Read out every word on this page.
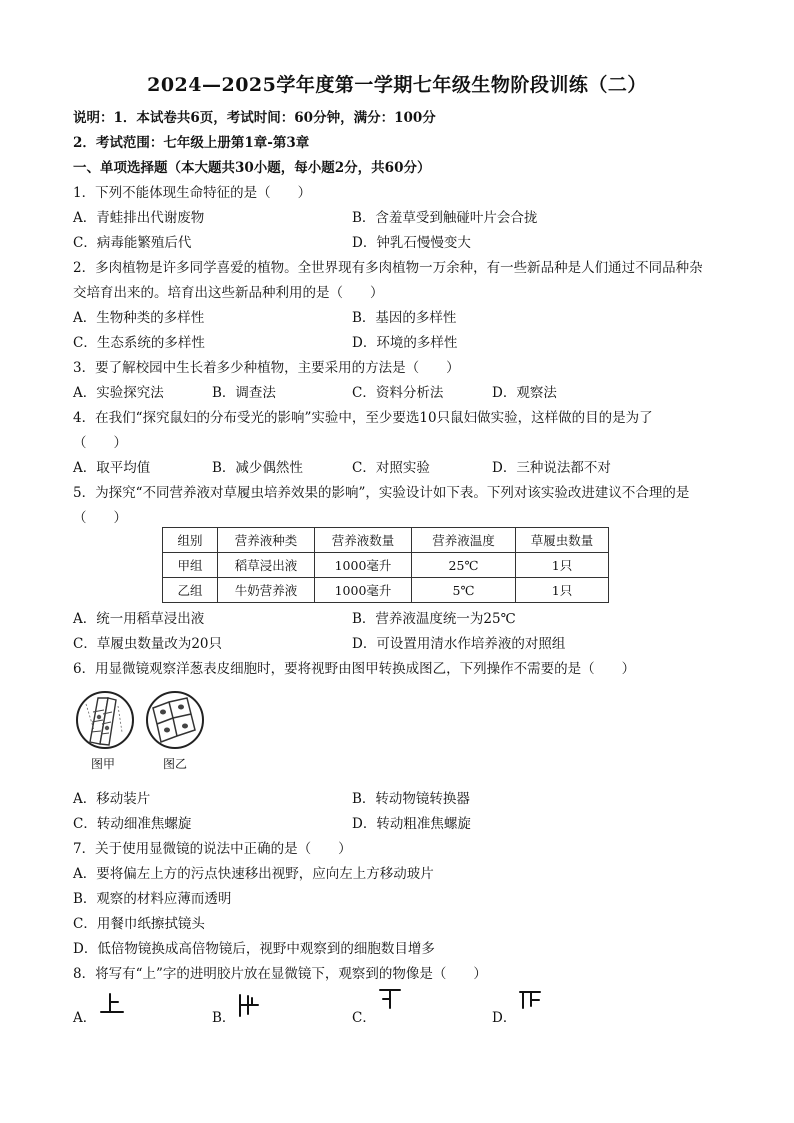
2024—2025学年度第一学期七年级生物阶段训练（二）
说明：1．本试卷共6页，考试时间：60分钟，满分：100分
2．考试范围：七年级上册第1章-第3章
一、单项选择题（本大题共30小题，每小题2分，共60分）
1．下列不能体现生命特征的是（　　）
A．青蛙排出代谢废物	B．含羞草受到触碰叶片会合拢
C．病毒能繁殖后代	D．钟乳石慢慢变大
2．多肉植物是许多同学喜爱的植物。全世界现有多肉植物一万余种，有一些新品种是人们通过不同品种杂
交培育出来的。培育出这些新品种利用的是（　　）
A．生物种类的多样性	B．基因的多样性
C．生态系统的多样性	D．环境的多样性
3．要了解校园中生长着多少种植物，主要采用的方法是（　　）
A．实验探究法	B．调查法	C．资料分析法	D．观察法
4．在我们“探究鼠妇的分布受光的影响”实验中，至少要选10只鼠妇做实验，这样做的目的是为了
（　　）
A．取平均值	B．减少偶然性	C．对照实验	D．三种说法都不对
5．为探究“不同营养液对草履虫培养效果的影响”，实验设计如下表。下列对该实验改进建议不合理的是
（　　）
组别	营养液种类	营养液数量	营养液温度	草履虫数量
甲组	稻草浸出液	1000毫升	25℃	1只
乙组	牛奶营养液	1000毫升	5℃	1只
A．统一用稻草浸出液	B．营养液温度统一为25℃
C．草履虫数量改为20只	D．可设置用清水作培养液的对照组
6．用显微镜观察洋葱表皮细胞时，要将视野由图甲转换成图乙，下列操作不需要的是（　　）
图甲	图乙
A．移动装片	B．转动物镜转换器
C．转动细准焦螺旋	D．转动粗准焦螺旋
7．关于使用显微镜的说法中正确的是（　　）
A．要将偏左上方的污点快速移出视野，应向左上方移动玻片
B．观察的材料应薄而透明
C．用餐巾纸擦拭镜头
D．低倍物镜换成高倍物镜后，视野中观察到的细胞数目增多
8．将写有“上”字的进明胶片放在显微镜下，观察到的物像是（　　）
A．	B．	C．	D．
